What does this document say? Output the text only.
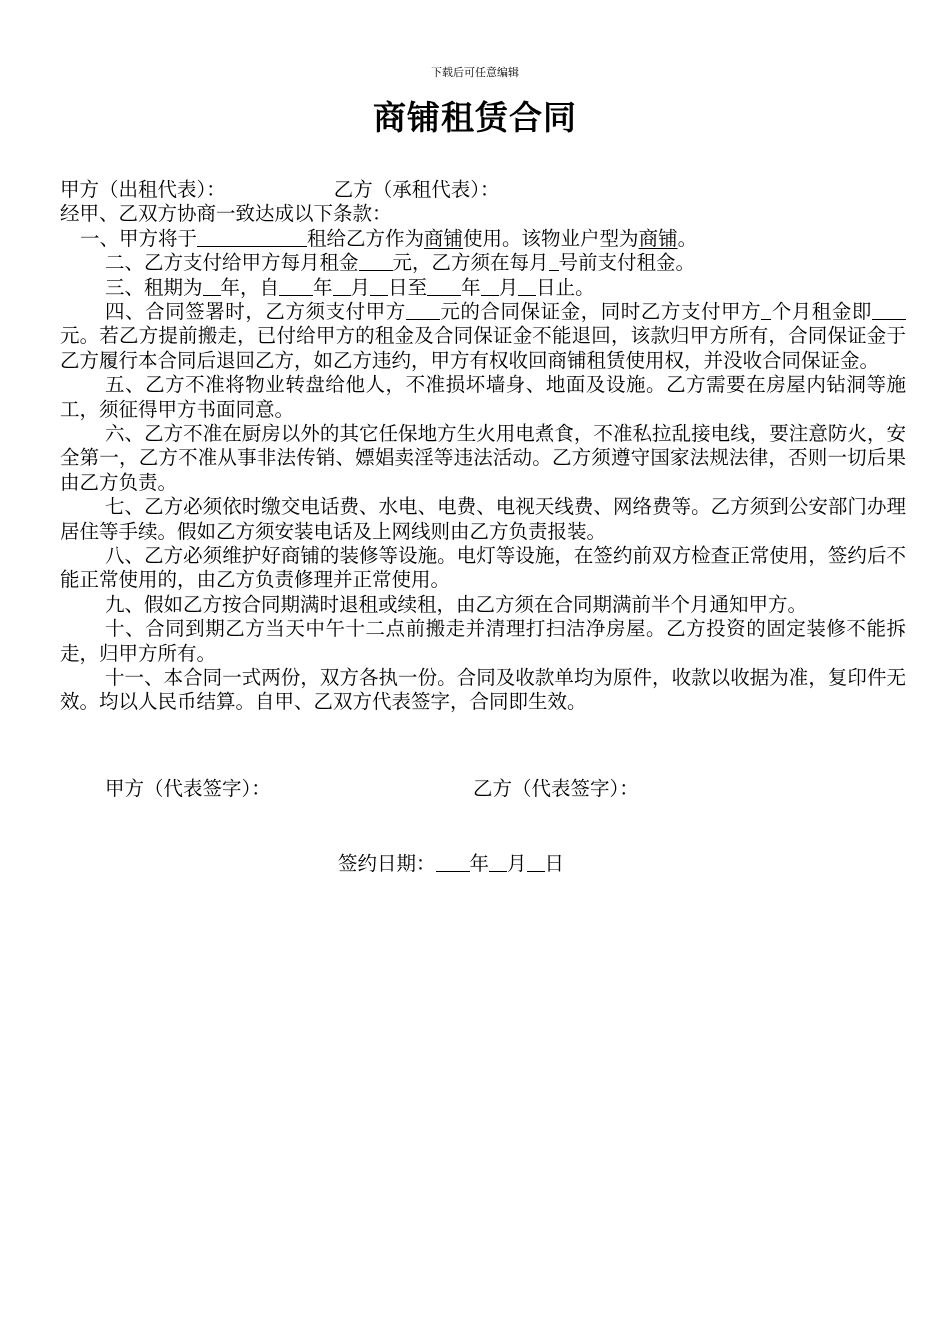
下载后可任意编辑
商铺租赁合同
甲方（出租代表）：	乙方（承租代表）：
经甲、乙双方协商一致达成以下条款：
一、甲方将于	租给乙方作为商铺使用。该物业户型为商铺。
二、乙方支付给甲方每月租金 元，乙方须在每月 号前支付租金。
三、租期为 年，自 年 月 日至 年 月 日止。
四、合同签署时，乙方须支付甲方 元的合同保证金，同时乙方支付甲方 个月租金即元。若乙方提前搬走，已付给甲方的租金及合同保证金不能退回，该款归甲方所有，合同保证金于乙方履行本合同后退回乙方，如乙方违约，甲方有权收回商铺租赁使用权，并没收合同保证金。
五、乙方不准将物业转盘给他人，不准损坏墙身、地面及设施。乙方需要在房屋内钻洞等施工，须征得甲方书面同意。
六、乙方不准在厨房以外的其它任保地方生火用电煮食，不准私拉乱接电线，要注意防火，安全第一，乙方不准从事非法传销、嫖娼卖淫等违法活动。乙方须遵守国家法规法律，否则一切后果由乙方负责。
七、乙方必须依时缴交电话费、水电、电费、电视天线费、网络费等。乙方须到公安部门办理居住等手续。假如乙方须安装电话及上网线则由乙方负责报装。
八、乙方必须维护好商铺的装修等设施。电灯等设施，在签约前双方检查正常使用，签约后不能正常使用的，由乙方负责修理并正常使用。
九、假如乙方按合同期满时退租或续租，由乙方须在合同期满前半个月通知甲方。
十、合同到期乙方当天中午十二点前搬走并清理打扫洁净房屋。乙方投资的固定装修不能拆走，归甲方所有。
十一、本合同一式两份，双方各执一份。合同及收款单均为原件，收款以收据为准，复印件无效。均以人民币结算。自甲、乙双方代表签字，合同即生效。
甲方（代表签字）：	乙方（代表签字）：
签约日期： 年 月 日
